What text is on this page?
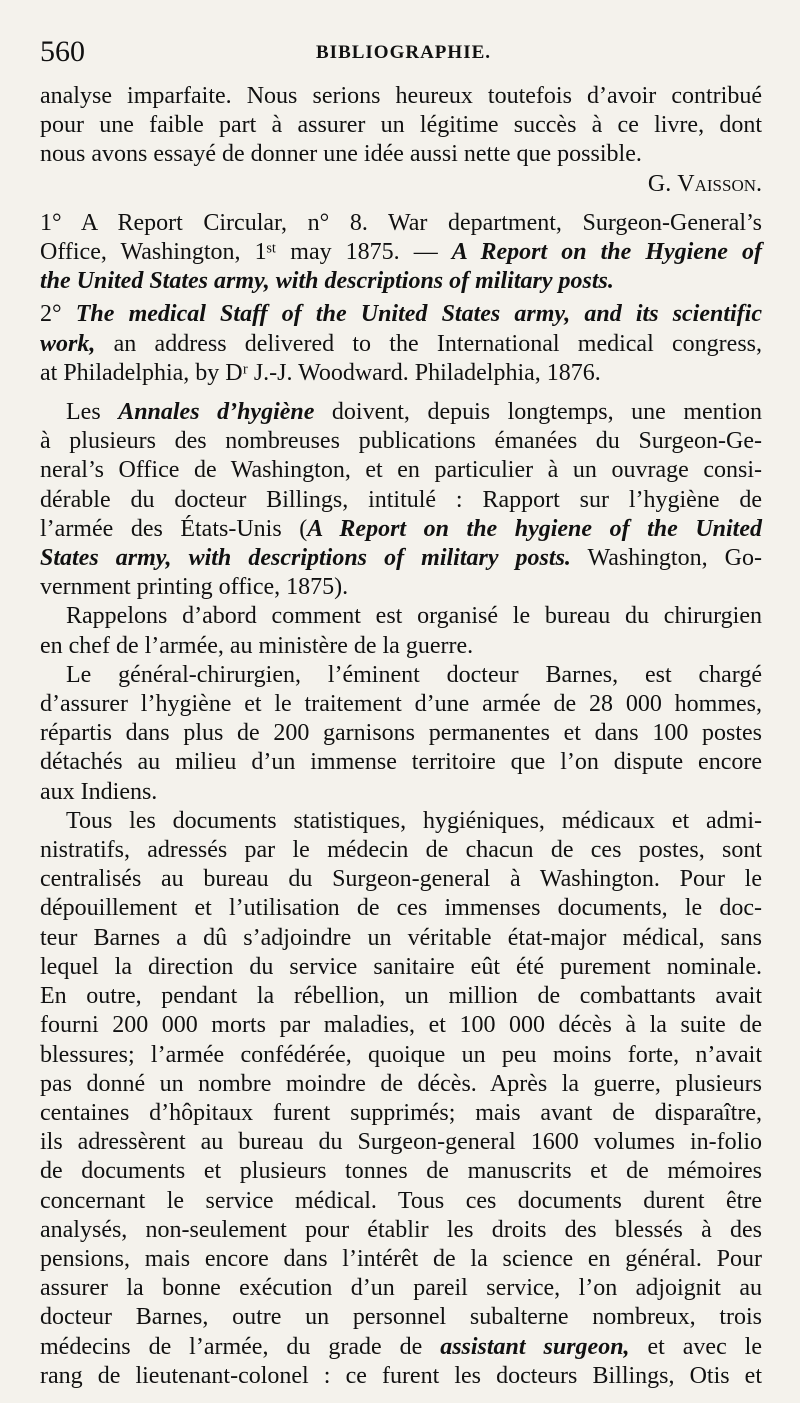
560	BIBLIOGRAPHIE.
analyse imparfaite. Nous serions heureux toutefois d’avoir contribué
pour une faible part à assurer un légitime succès à ce livre, dont
nous avons essayé de donner une idée aussi nette que possible.
G. Vaisson.
1° A Report Circular, n° 8. War department, Surgeon-General’s
Office, Washington, 1ˢᵗ may 1875. — A Report on the Hygiene of
the United States army, with descriptions of military posts.
2° The medical Staff of the United States army, and its scientific
work, an address delivered to the International medical congress,
at Philadelphia, by Dʳ J.-J. Woodward. Philadelphia, 1876.
Les Annales d’hygiène doivent, depuis longtemps, une mention
à plusieurs des nombreuses publications émanées du Surgeon-Ge-
neral’s Office de Washington, et en particulier à un ouvrage consi-
dérable du docteur Billings, intitulé : Rapport sur l’hygiène de
l’armée des États-Unis (A Report on the hygiene of the United
States army, with descriptions of military posts. Washington, Go-
vernment printing office, 1875).
Rappelons d’abord comment est organisé le bureau du chirurgien
en chef de l’armée, au ministère de la guerre.
Le général-chirurgien, l’éminent docteur Barnes, est chargé
d’assurer l’hygiène et le traitement d’une armée de 28 000 hommes,
répartis dans plus de 200 garnisons permanentes et dans 100 postes
détachés au milieu d’un immense territoire que l’on dispute encore
aux Indiens.
Tous les documents statistiques, hygiéniques, médicaux et admi-
nistratifs, adressés par le médecin de chacun de ces postes, sont
centralisés au bureau du Surgeon-general à Washington. Pour le
dépouillement et l’utilisation de ces immenses documents, le doc-
teur Barnes a dû s’adjoindre un véritable état-major médical, sans
lequel la direction du service sanitaire eût été purement nominale.
En outre, pendant la rébellion, un million de combattants avait
fourni 200 000 morts par maladies, et 100 000 décès à la suite de
blessures; l’armée confédérée, quoique un peu moins forte, n’avait
pas donné un nombre moindre de décès. Après la guerre, plusieurs
centaines d’hôpitaux furent supprimés; mais avant de disparaître,
ils adressèrent au bureau du Surgeon-general 1600 volumes in-folio
de documents et plusieurs tonnes de manuscrits et de mémoires
concernant le service médical. Tous ces documents durent être
analysés, non-seulement pour établir les droits des blessés à des
pensions, mais encore dans l’intérêt de la science en général. Pour
assurer la bonne exécution d’un pareil service, l’on adjoignit au
docteur Barnes, outre un personnel subalterne nombreux, trois
médecins de l’armée, du grade de assistant surgeon, et avec le
rang de lieutenant-colonel : ce furent les docteurs Billings, Otis et
